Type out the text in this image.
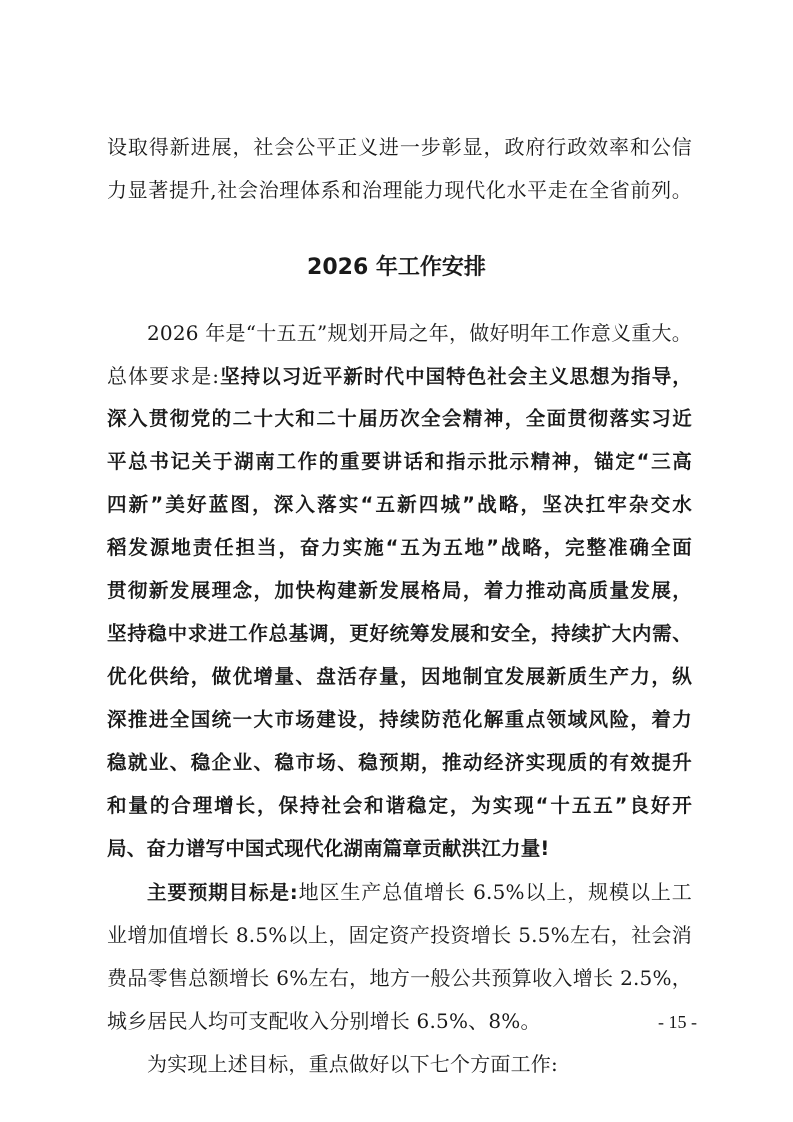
设取得新进展，社会公平正义进一步彰显，政府行政效率和公信
力显著提升,社会治理体系和治理能力现代化水平走在全省前列。
2026 年工作安排
2026 年是“十五五”规划开局之年，做好明年工作意义重大。
总体要求是:坚持以习近平新时代中国特色社会主义思想为指导，
深入贯彻党的二十大和二十届历次全会精神，全面贯彻落实习近
平总书记关于湖南工作的重要讲话和指示批示精神，锚定“三高
四新”美好蓝图，深入落实“五新四城”战略，坚决扛牢杂交水
稻发源地责任担当，奋力实施“五为五地”战略，完整准确全面
贯彻新发展理念，加快构建新发展格局，着力推动高质量发展，
坚持稳中求进工作总基调，更好统筹发展和安全，持续扩大内需、
优化供给，做优增量、盘活存量，因地制宜发展新质生产力，纵
深推进全国统一大市场建设，持续防范化解重点领域风险，着力
稳就业、稳企业、稳市场、稳预期，推动经济实现质的有效提升
和量的合理增长，保持社会和谐稳定，为实现“十五五”良好开
局、奋力谱写中国式现代化湖南篇章贡献洪江力量!
主要预期目标是:地区生产总值增长 6.5%以上，规模以上工
业增加值增长 8.5%以上，固定资产投资增长 5.5%左右，社会消
费品零售总额增长 6%左右，地方一般公共预算收入增长 2.5%，
城乡居民人均可支配收入分别增长 6.5%、8%。
为实现上述目标，重点做好以下七个方面工作:
- 15 -
